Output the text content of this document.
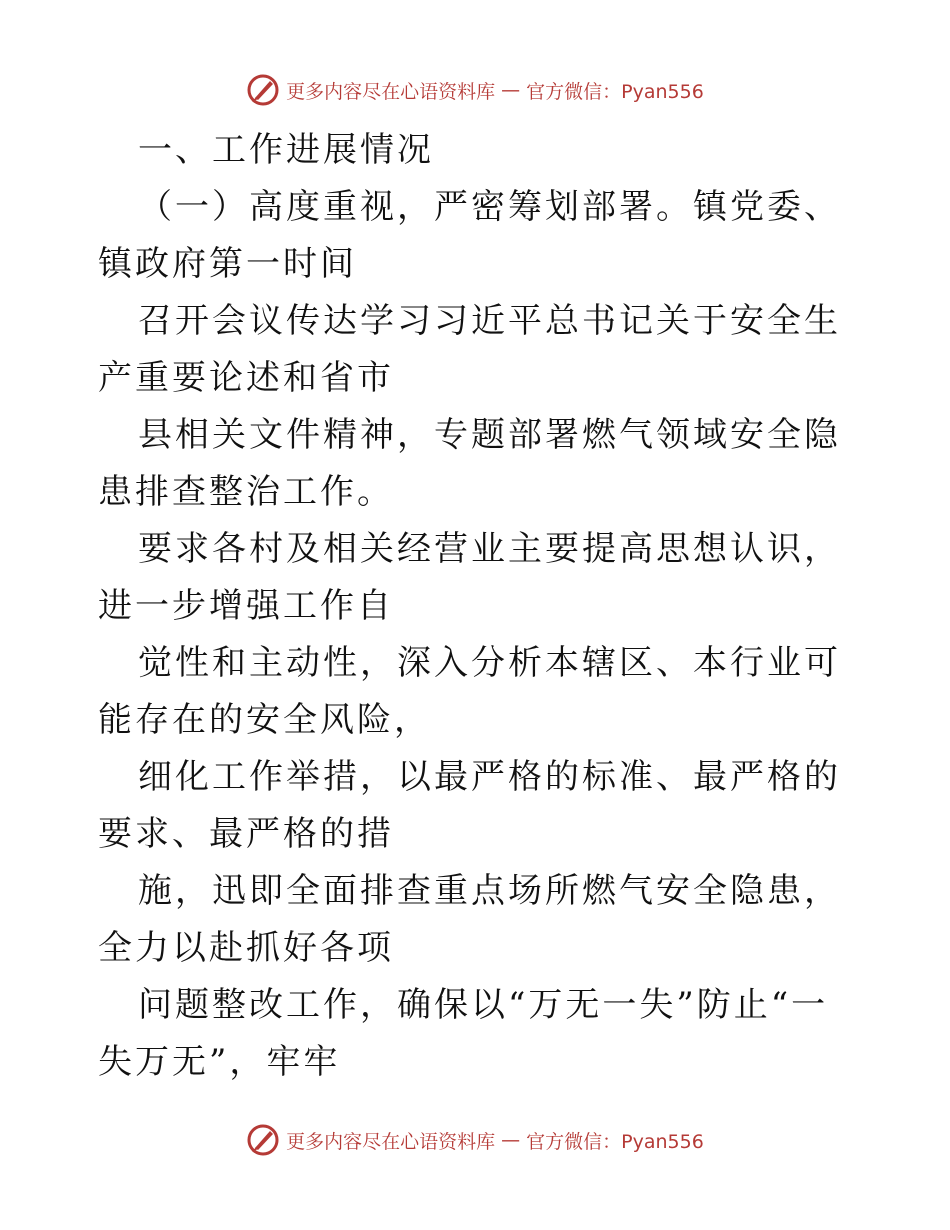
更多内容尽在心语资料库 — 官方微信：Pyan556

一、工作进展情况

（一）高度重视，严密筹划部署。镇党委、镇政府第一时间

召开会议传达学习习近平总书记关于安全生产重要论述和省市

县相关文件精神，专题部署燃气领域安全隐患排查整治工作。

要求各村及相关经营业主要提高思想认识，进一步增强工作自

觉性和主动性，深入分析本辖区、本行业可能存在的安全风险，

细化工作举措，以最严格的标准、最严格的要求、最严格的措

施，迅即全面排查重点场所燃气安全隐患，全力以赴抓好各项

问题整改工作，确保以“万无一失”防止“一失万无”，牢牢

更多内容尽在心语资料库 — 官方微信：Pyan556
